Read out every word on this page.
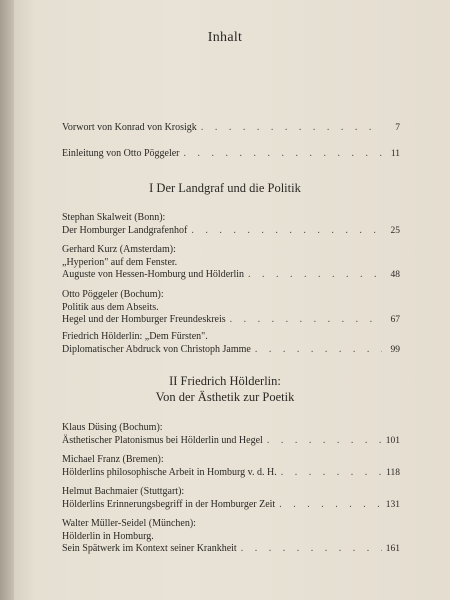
Inhalt
Vorwort von Konrad von Krosigk . . .	7
Einleitung von Otto Pöggeler . . .	11
I Der Landgraf und die Politik
Stephan Skalweit (Bonn):
Der Homburger Landgrafenhof . . .	25
Gerhard Kurz (Amsterdam):
„Hyperion" auf dem Fenster.
Auguste von Hessen-Homburg und Hölderlin . . .	48
Otto Pöggeler (Bochum):
Politik aus dem Abseits.
Hegel und der Homburger Freundeskreis . . .	67
Friedrich Hölderlin: „Dem Fürsten".
Diplomatischer Abdruck von Christoph Jamme . . .	99
II Friedrich Hölderlin:
Von der Ästhetik zur Poetik
Klaus Düsing (Bochum):
Ästhetischer Platonismus bei Hölderlin und Hegel . . .	101
Michael Franz (Bremen):
Hölderlins philosophische Arbeit in Homburg v. d. H. . . .	118
Helmut Bachmaier (Stuttgart):
Hölderlins Erinnerungsbegriff in der Homburger Zeit . . .	131
Walter Müller-Seidel (München):
Hölderlin in Homburg.
Sein Spätwerk im Kontext seiner Krankheit . . .	161
